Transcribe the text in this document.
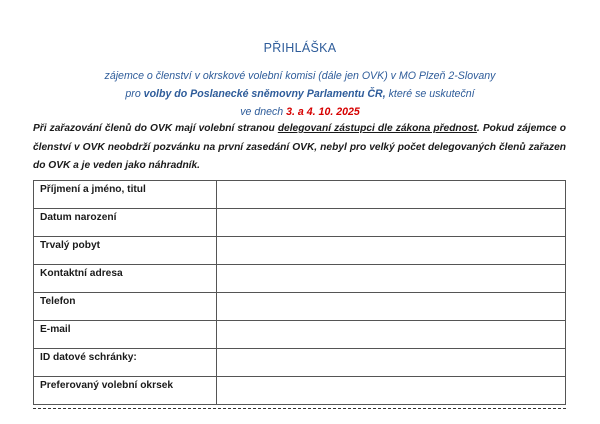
PŘIHLÁŠKA
zájemce o členství v okrskové volební komisi (dále jen OVK) v MO Plzeň 2-Slovany
pro volby do Poslanecké sněmovny Parlamentu ČR, které se uskuteční
ve dnech 3. a 4. 10. 2025
Při zařazování členů do OVK mají volební stranou delegovaní zástupci dle zákona přednost. Pokud zájemce o členství v OVK neobdrží pozvánku na první zasedání OVK, nebyl pro velký počet delegovaných členů zařazen do OVK a je veden jako náhradník.
Příjmení a jméno, titul	
Datum narození	
Trvalý pobyt	
Kontaktní adresa	
Telefon	
E-mail	
ID datové schránky:	
Preferovaný volební okrsek	
